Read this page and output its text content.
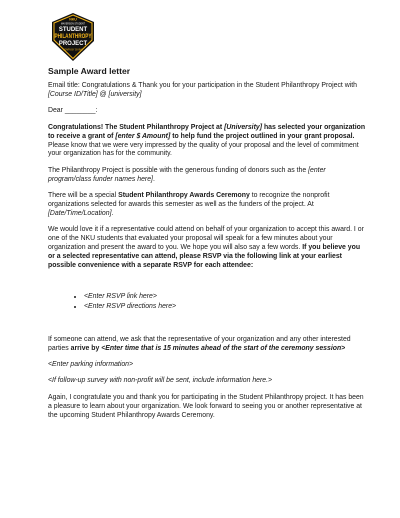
NKU
MAYERSON STUDENT
STUDENT
PHILANTHROPY
PROJECT
LEARN BY GIVING
Sample Award letter

Email title: Congratulations & Thank you for your participation in the Student Philanthropy Project with [Course ID/Title] @ [university]

Dear ________:

Congratulations! The Student Philanthropy Project at [University] has selected your organization to receive a grant of [enter $ Amount] to help fund the project outlined in your grant proposal. Please know that we were very impressed by the quality of your proposal and the level of commitment your organization has for the community.

The Philanthropy Project is possible with the generous funding of donors such as the [enter program/class funder names here].

There will be a special Student Philanthropy Awards Ceremony to recognize the nonprofit organizations selected for awards this semester as well as the funders of the project. At [Date/Time/Location].

We would love it if a representative could attend on behalf of your organization to accept this award. I or one of the NKU students that evaluated your proposal will speak for a few minutes about your organization and present the award to you. We hope you will also say a few words. If you believe you or a selected representative can attend, please RSVP via the following link at your earliest possible convenience with a separate RSVP for each attendee:

• <Enter RSVP link here>
• <Enter RSVP directions here>

If someone can attend, we ask that the representative of your organization and any other interested parties arrive by <Enter time that is 15 minutes ahead of the start of the ceremony session>

<Enter parking information>

<If follow-up survey with non-profit will be sent, include information here.>

Again, I congratulate you and thank you for participating in the Student Philanthropy project. It has been a pleasure to learn about your organization. We look forward to seeing you or another representative at the upcoming Student Philanthropy Awards Ceremony.
